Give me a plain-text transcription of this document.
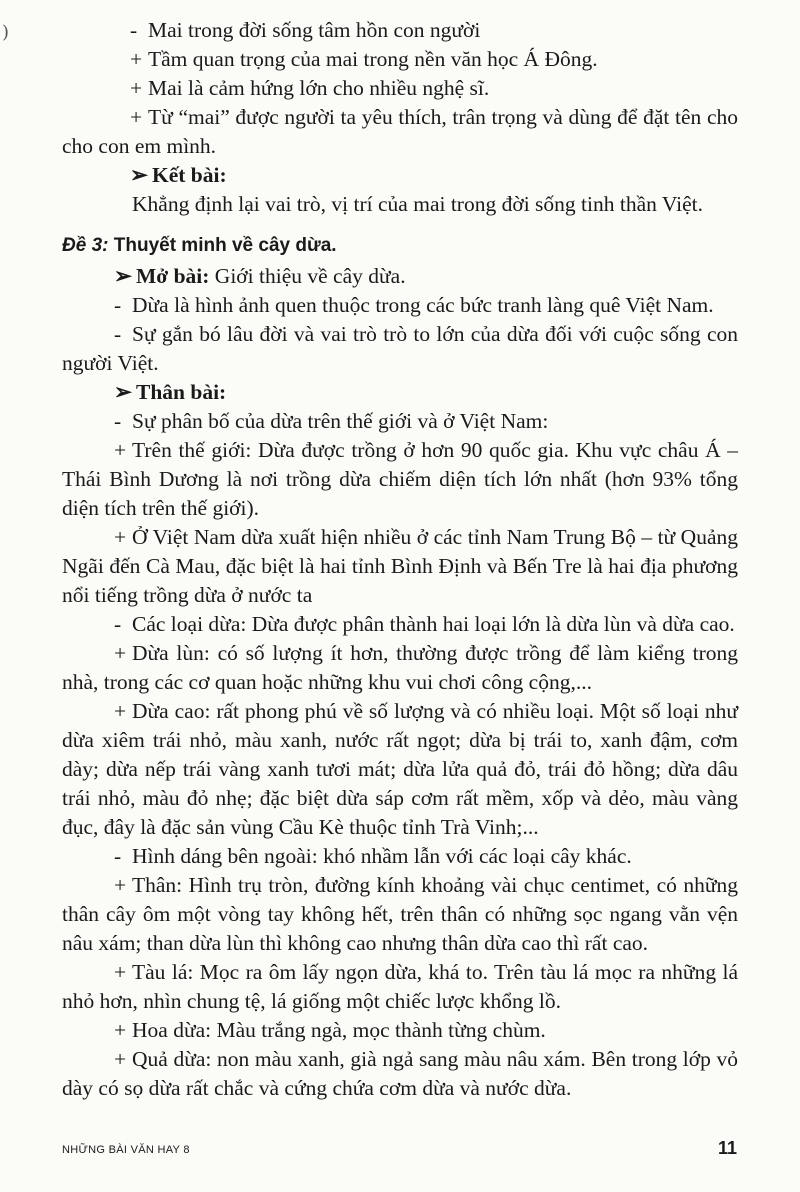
)	- Mai trong đời sống tâm hồn con người

+ Tầm quan trọng của mai trong nền văn học Á Đông.

+ Mai là cảm hứng lớn cho nhiều nghệ sĩ.

+ Từ “mai” được người ta yêu thích, trân trọng và dùng để đặt tên cho cho con em mình.

➢ Kết bài:

Khẳng định lại vai trò, vị trí của mai trong đời sống tinh thần Việt.

Đề 3: Thuyết minh về cây dừa.

➢ Mở bài: Giới thiệu về cây dừa.

- Dừa là hình ảnh quen thuộc trong các bức tranh làng quê Việt Nam.

- Sự gắn bó lâu đời và vai trò trò to lớn của dừa đối với cuộc sống con người Việt.

➢ Thân bài:

- Sự phân bố của dừa trên thế giới và ở Việt Nam:

+ Trên thế giới: Dừa được trồng ở hơn 90 quốc gia. Khu vực châu Á – Thái Bình Dương là nơi trồng dừa chiếm diện tích lớn nhất (hơn 93% tổng diện tích trên thế giới).

+ Ở Việt Nam dừa xuất hiện nhiều ở các tỉnh Nam Trung Bộ – từ Quảng Ngãi đến Cà Mau, đặc biệt là hai tỉnh Bình Định và Bến Tre là hai địa phương nổi tiếng trồng dừa ở nước ta

- Các loại dừa: Dừa được phân thành hai loại lớn là dừa lùn và dừa cao.

+ Dừa lùn: có số lượng ít hơn, thường được trồng để làm kiểng trong nhà, trong các cơ quan hoặc những khu vui chơi công cộng,...

+ Dừa cao: rất phong phú về số lượng và có nhiều loại. Một số loại như dừa xiêm trái nhỏ, màu xanh, nước rất ngọt; dừa bị trái to, xanh đậm, cơm dày; dừa nếp trái vàng xanh tươi mát; dừa lửa quả đỏ, trái đỏ hồng; dừa dâu trái nhỏ, màu đỏ nhẹ; đặc biệt dừa sáp cơm rất mềm, xốp và dẻo, màu vàng đục, đây là đặc sản vùng Cầu Kè thuộc tỉnh Trà Vinh;...

- Hình dáng bên ngoài: khó nhầm lẫn với các loại cây khác.

+ Thân: Hình trụ tròn, đường kính khoảng vài chục centimet, có những thân cây ôm một vòng tay không hết, trên thân có những sọc ngang vằn vện nâu xám; than dừa lùn thì không cao nhưng thân dừa cao thì rất cao.

+ Tàu lá: Mọc ra ôm lấy ngọn dừa, khá to. Trên tàu lá mọc ra những lá nhỏ hơn, nhìn chung tệ, lá giống một chiếc lược khổng lồ.

+ Hoa dừa: Màu trắng ngà, mọc thành từng chùm.

+ Quả dừa: non màu xanh, già ngả sang màu nâu xám. Bên trong lớp vỏ dày có sọ dừa rất chắc và cứng chứa cơm dừa và nước dừa.

NHỮNG BÀI VĂN HAY 8	11
